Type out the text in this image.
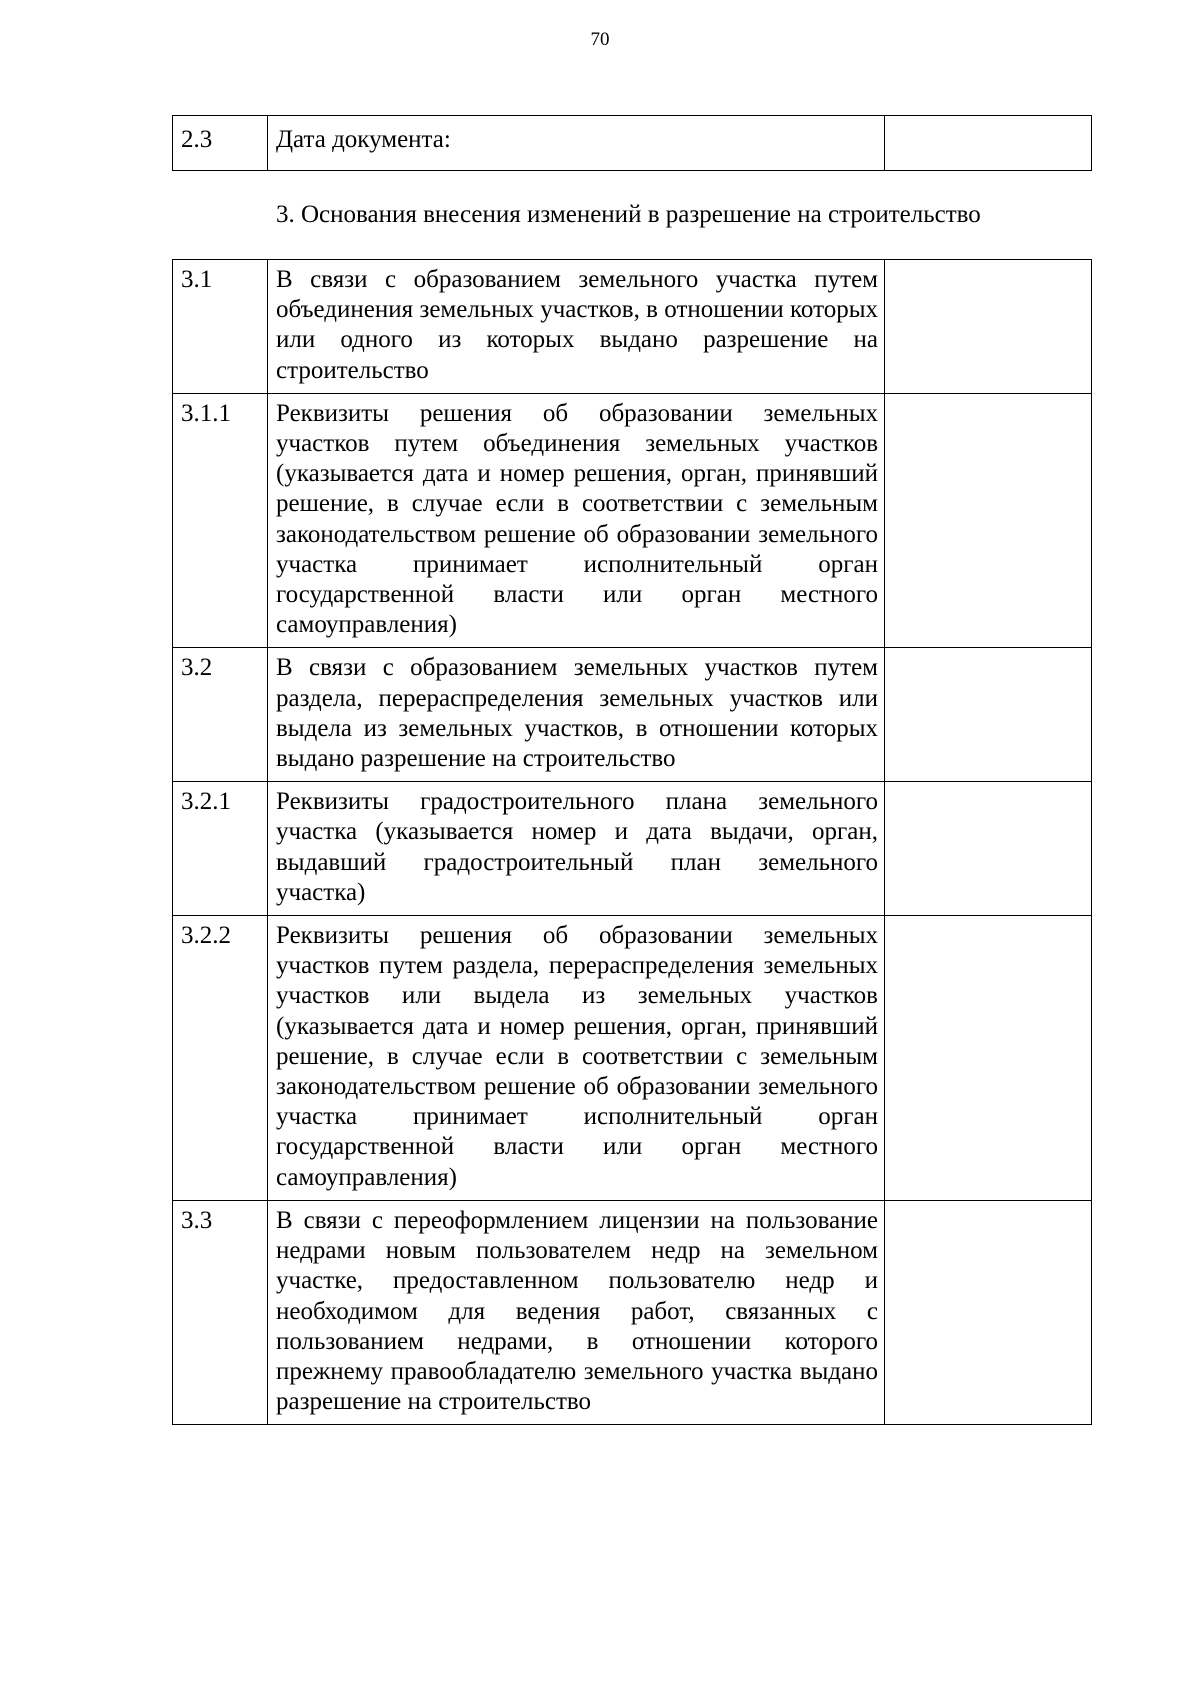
70
2.3	Дата документа:	
3. Основания внесения изменений в разрешение на строительство
3.1	В связи с образованием земельного участка путем объединения земельных участков, в отношении которых или одного из которых выдано разрешение на строительство	
3.1.1	Реквизиты решения об образовании земельных участков путем объединения земельных участков (указывается дата и номер решения, орган, принявший решение, в случае если в соответствии с земельным законодательством решение об образовании земельного участка принимает исполнительный орган государственной власти или орган местного самоуправления)	
3.2	В связи с образованием земельных участков путем раздела, перераспределения земельных участков или выдела из земельных участков, в отношении которых выдано разрешение на строительство	
3.2.1	Реквизиты градостроительного плана земельного участка (указывается номер и дата выдачи, орган, выдавший градостроительный план земельного участка)	
3.2.2	Реквизиты решения об образовании земельных участков путем раздела, перераспределения земельных участков или выдела из земельных участков (указывается дата и номер решения, орган, принявший решение, в случае если в соответствии с земельным законодательством решение об образовании земельного участка принимает исполнительный орган государственной власти или орган местного самоуправления)	
3.3	В связи с переоформлением лицензии на пользование недрами новым пользователем недр на земельном участке, предоставленном пользователю недр и необходимом для ведения работ, связанных с пользованием недрами, в отношении которого прежнему правообладателю земельного участка выдано разрешение на строительство	
